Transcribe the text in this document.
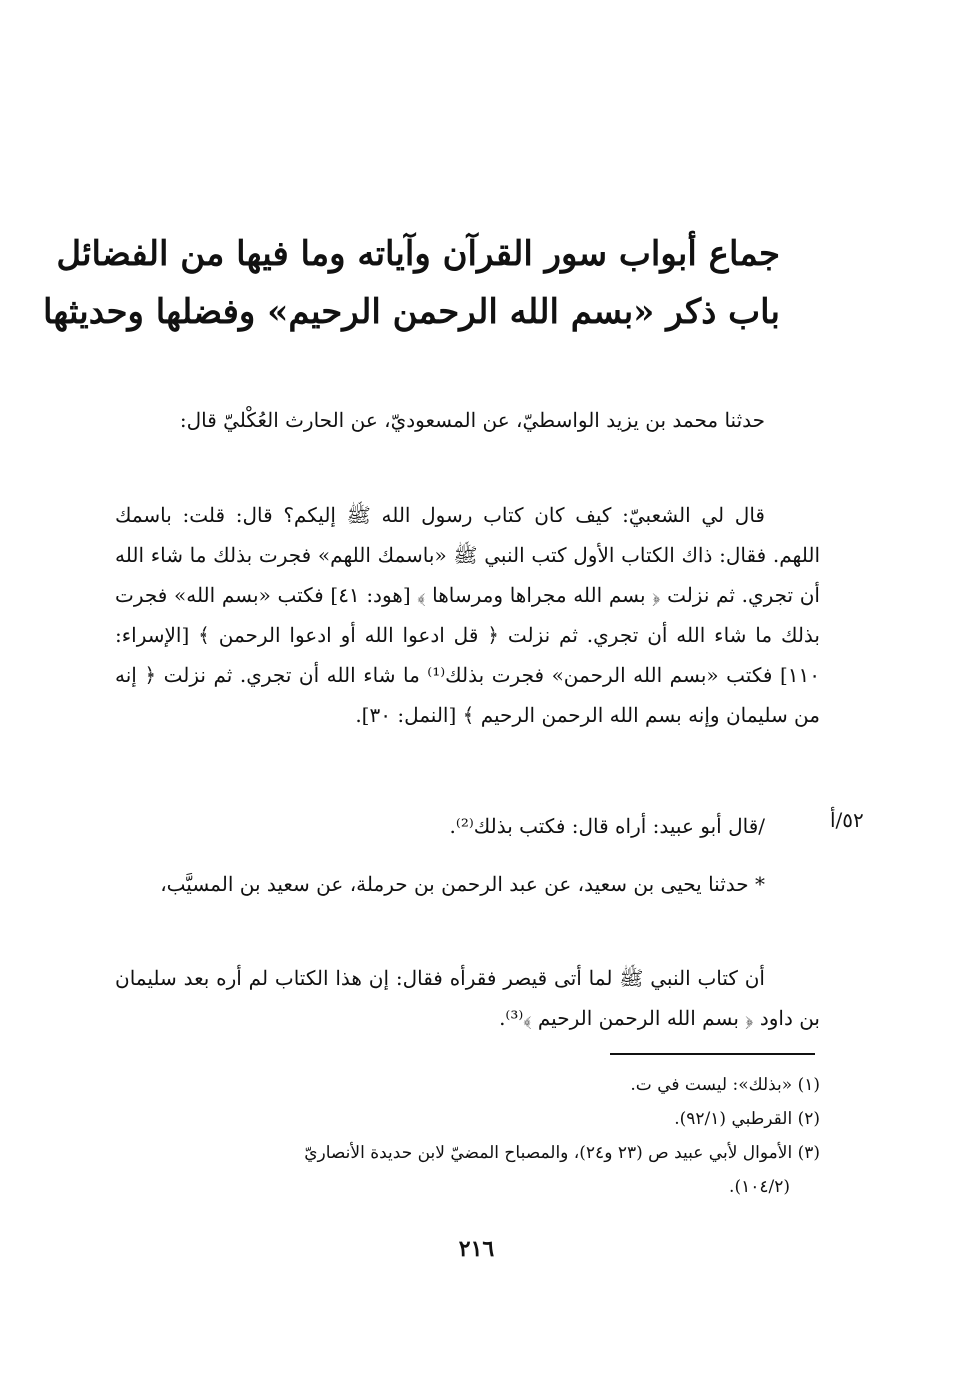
جماع أبواب سور القرآن وآياته وما فيها من الفضائل
باب ذكر «بسم الله الرحمن الرحيم» وفضلها وحديثها

حدثنا محمد بن يزيد الواسطيّ، عن المسعوديّ، عن الحارث العُكْليّ قال:

قال لي الشعبيّ: كيف كان كتاب رسول الله ﷺ إليكم؟ قال: قلت: باسمك اللهم. فقال: ذاك الكتاب الأول كتب النبي ﷺ «باسمك اللهم» فجرت بذلك ما شاء الله أن تجري. ثم نزلت ﴿ بسم الله مجراها ومرساها ﴾ [هود: ٤١] فكتب «بسم الله» فجرت بذلك ما شاء الله أن تجري. ثم نزلت ﴿ قل ادعوا الله أو ادعوا الرحمن ﴾ [الإسراء: ١١٠] فكتب «بسم الله الرحمن» فجرت بذلك⁽¹⁾ ما شاء الله أن تجري. ثم نزلت ﴿ إنه من سليمان وإنه بسم الله الرحمن الرحيم ﴾ [النمل: ٣٠].

٥٢/أ

/قال أبو عبيد: أراه قال: فكتب بذلك⁽²⁾.

* حدثنا يحيى بن سعيد، عن عبد الرحمن بن حرملة، عن سعيد بن المسيَّب،

أن كتاب النبي ﷺ لما أتى قيصر فقرأه فقال: إن هذا الكتاب لم أره بعد سليمان بن داود ﴿ بسم الله الرحمن الرحيم ﴾⁽³⁾.

(١) «بذلك»: ليست في ت.

(٢) القرطبي (٩٢/١).

(٣) الأموال لأبي عبيد ص (٢٣ و٢٤)، والمصباح المضيّ لابن حديدة الأنصاريّ

(١٠٤/٢).

٢١٦
